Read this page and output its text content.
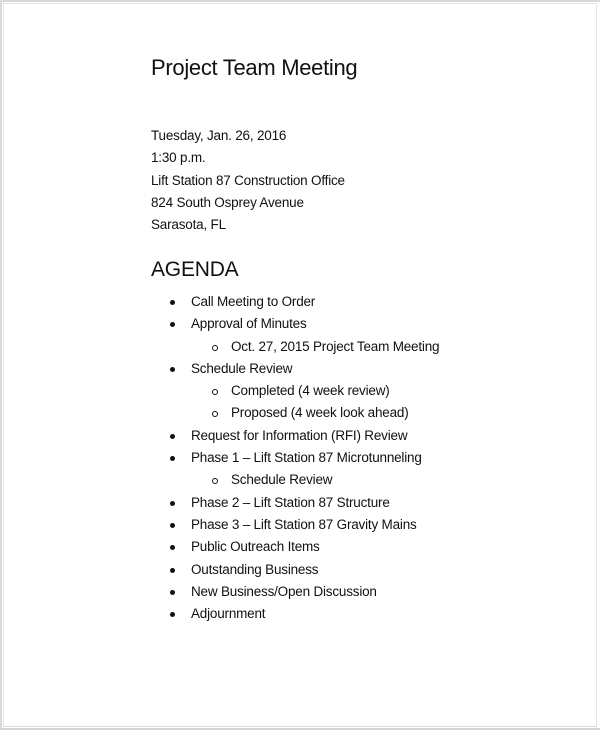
Project Team Meeting
Tuesday, Jan. 26, 2016
1:30 p.m.
Lift Station 87 Construction Office
824 South Osprey Avenue
Sarasota, FL
AGENDA
Call Meeting to Order
Approval of Minutes
Oct. 27, 2015 Project Team Meeting
Schedule Review
Completed (4 week review)
Proposed (4 week look ahead)
Request for Information (RFI) Review
Phase 1 – Lift Station 87 Microtunneling
Schedule Review
Phase 2 – Lift Station 87 Structure
Phase 3 – Lift Station 87 Gravity Mains
Public Outreach Items
Outstanding Business
New Business/Open Discussion
Adjournment
